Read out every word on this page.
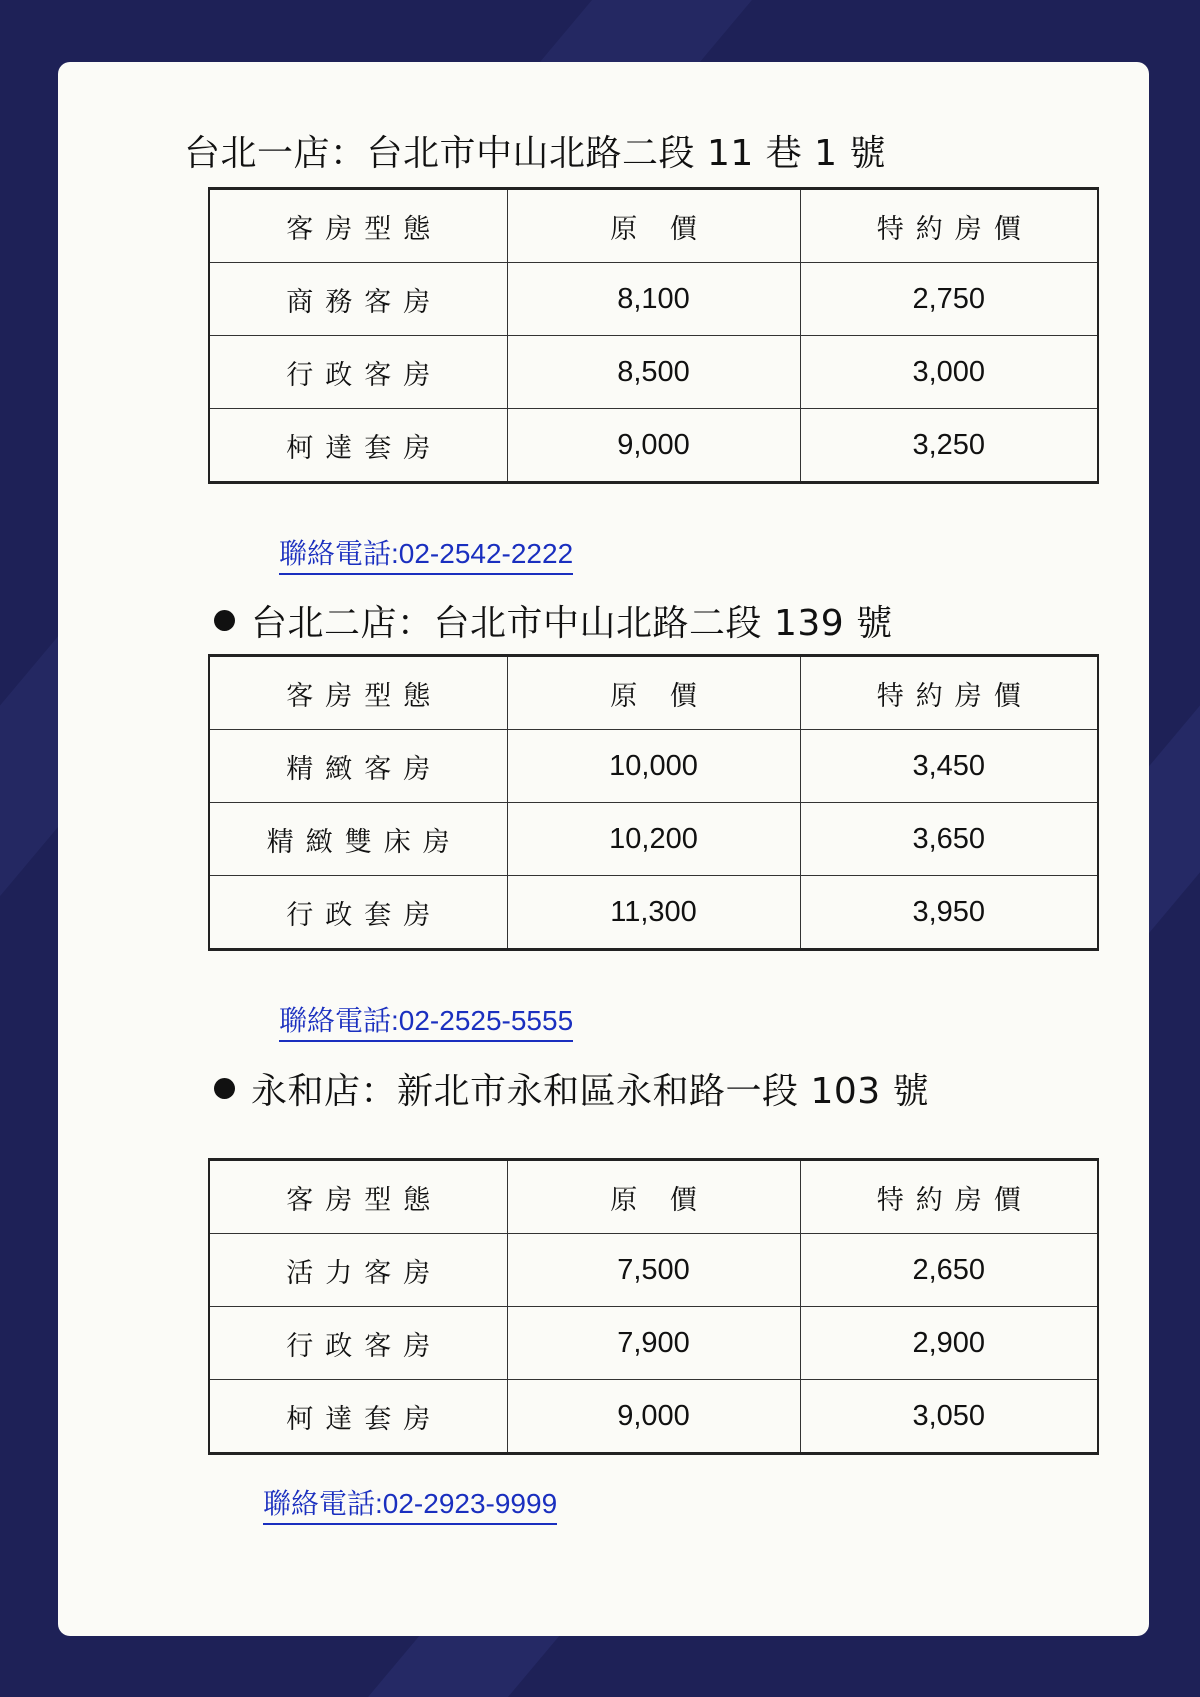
台北一店：台北市中山北路二段 11 巷 1 號
客房型態	原 價	特約房價
商務客房	8,100	2,750
行政客房	8,500	3,000
柯達套房	9,000	3,250
聯絡電話:02-2542-2222
台北二店：台北市中山北路二段 139 號
客房型態	原 價	特約房價
精緻客房	10,000	3,450
精緻雙床房	10,200	3,650
行政套房	11,300	3,950
聯絡電話:02-2525-5555
永和店：新北市永和區永和路一段 103 號
客房型態	原 價	特約房價
活力客房	7,500	2,650
行政客房	7,900	2,900
柯達套房	9,000	3,050
聯絡電話:02-2923-9999
